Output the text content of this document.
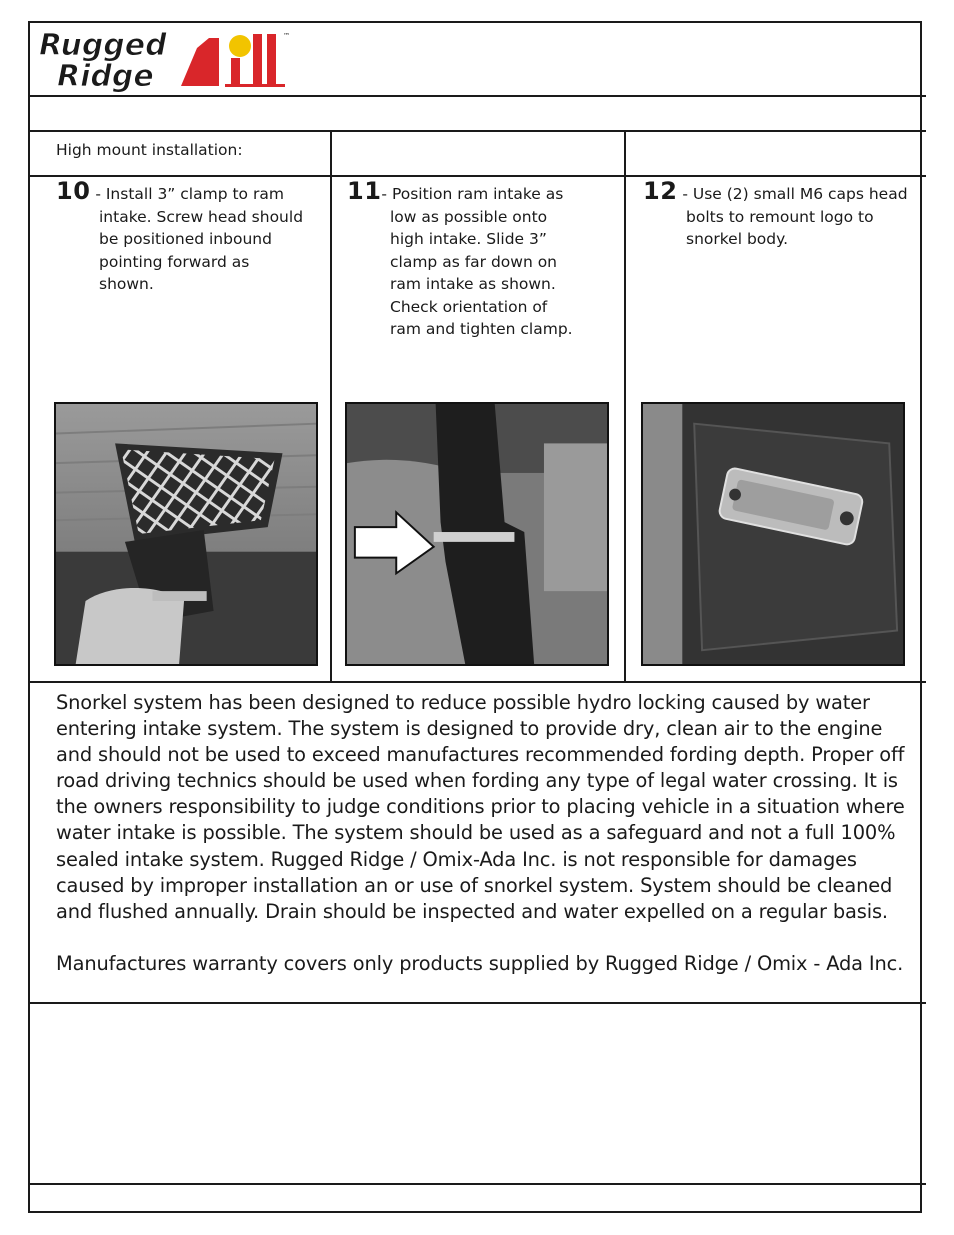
Rugged
Ridge
™
High mount installation:
10 - Install 3” clamp to ram
intake. Screw head should
be positioned inbound
pointing forward as
shown.
11- Position ram intake as
low as possible onto
high intake. Slide 3”
clamp as far down on
ram intake as shown.
Check orientation of
ram and tighten clamp.
12 - Use (2) small M6 caps head
bolts to remount logo to
snorkel body.

Snorkel system has been designed to reduce possible hydro locking caused by water entering intake system. The system is designed to provide dry, clean air to the engine and should not be used to exceed manufactures recommended fording depth. Proper off road driving technics should be used when fording any type of legal water crossing. It is the owners responsibility to judge conditions prior to placing vehicle in a situation where water intake is possible. The system should be used as a safeguard and not a full 100% sealed intake system. Rugged Ridge / Omix-Ada Inc. is not responsible for damages caused by improper installation an or use of snorkel system. System should be cleaned and flushed annually. Drain should be inspected and water expelled on a regular basis.

Manufactures warranty covers only products supplied by Rugged Ridge / Omix - Ada Inc.
